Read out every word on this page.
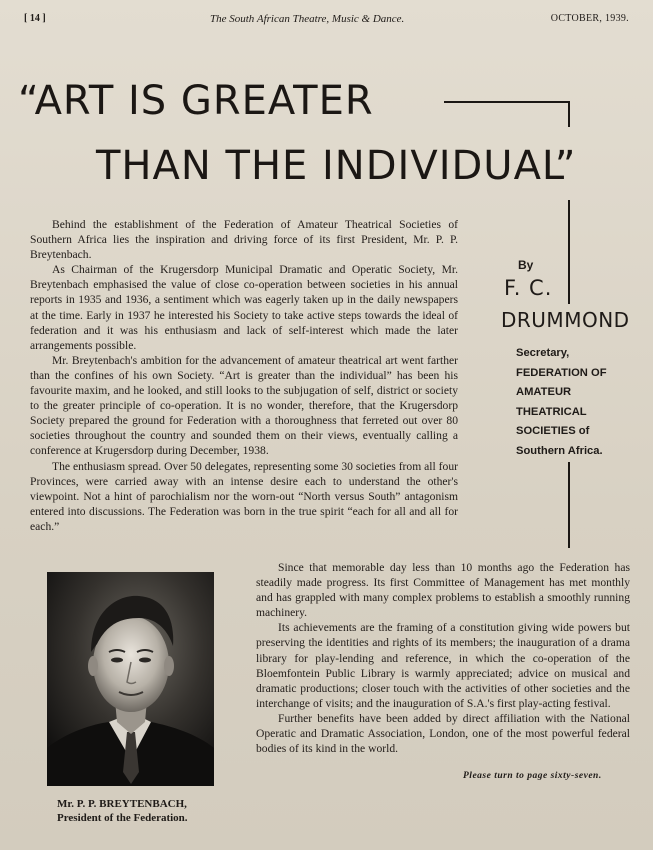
[ 14 ]	The South African Theatre, Music & Dance.	OCTOBER, 1939.
“ART IS GREATER
THAN THE INDIVIDUAL”

Behind the establishment of the Federation of Amateur Theatrical Societies of Southern Africa lies the inspiration and driving force of its first President, Mr. P. P. Breytenbach.

As Chairman of the Krugersdorp Municipal Dramatic and Operatic Society, Mr. Breytenbach emphasised the value of close co-operation between societies in his annual reports in 1935 and 1936, a sentiment which was eagerly taken up in the daily newspapers at the time. Early in 1937 he interested his Society to take active steps towards the ideal of federation and it was his enthusiasm and lack of self-interest which made the later arrangements possible.

Mr. Breytenbach's ambition for the advancement of amateur theatrical art went farther than the confines of his own Society. “Art is greater than the individual” has been his favourite maxim, and he looked, and still looks to the subjugation of self, district or society to the greater principle of co-operation. It is no wonder, therefore, that the Krugersdorp Society prepared the ground for Federation with a thoroughness that ferreted out over 80 societies throughout the country and sounded them on their views, eventually calling a conference at Krugersdorp during December, 1938.

The enthusiasm spread. Over 50 delegates, representing some 30 societies from all four Provinces, were carried away with an intense desire each to understand the other's viewpoint. Not a hint of parochialism nor the worn-out “North versus South” antagonism entered into discussions. The Federation was born in the true spirit “each for all and all for each.”

By
F. C.
DRUMMOND
Secretary,
FEDERATION OF
AMATEUR
THEATRICAL
SOCIETIES of
Southern Africa.
Mr. P. P. BREYTENBACH,
President of the Federation.

Since that memorable day less than 10 months ago the Federation has steadily made progress. Its first Committee of Management has met monthly and has grappled with many complex problems to establish a smoothly running machinery.

Its achievements are the framing of a constitution giving wide powers but preserving the identities and rights of its members; the inauguration of a drama library for play-lending and reference, in which the co-operation of the Bloemfontein Public Library is warmly appreciated; advice on musical and dramatic productions; closer touch with the activities of other societies and the interchange of visits; and the inauguration of S.A.'s first play-acting festival.

Further benefits have been added by direct affiliation with the National Operatic and Dramatic Association, London, one of the most powerful federal bodies of its kind in the world.

Please turn to page sixty-seven.
